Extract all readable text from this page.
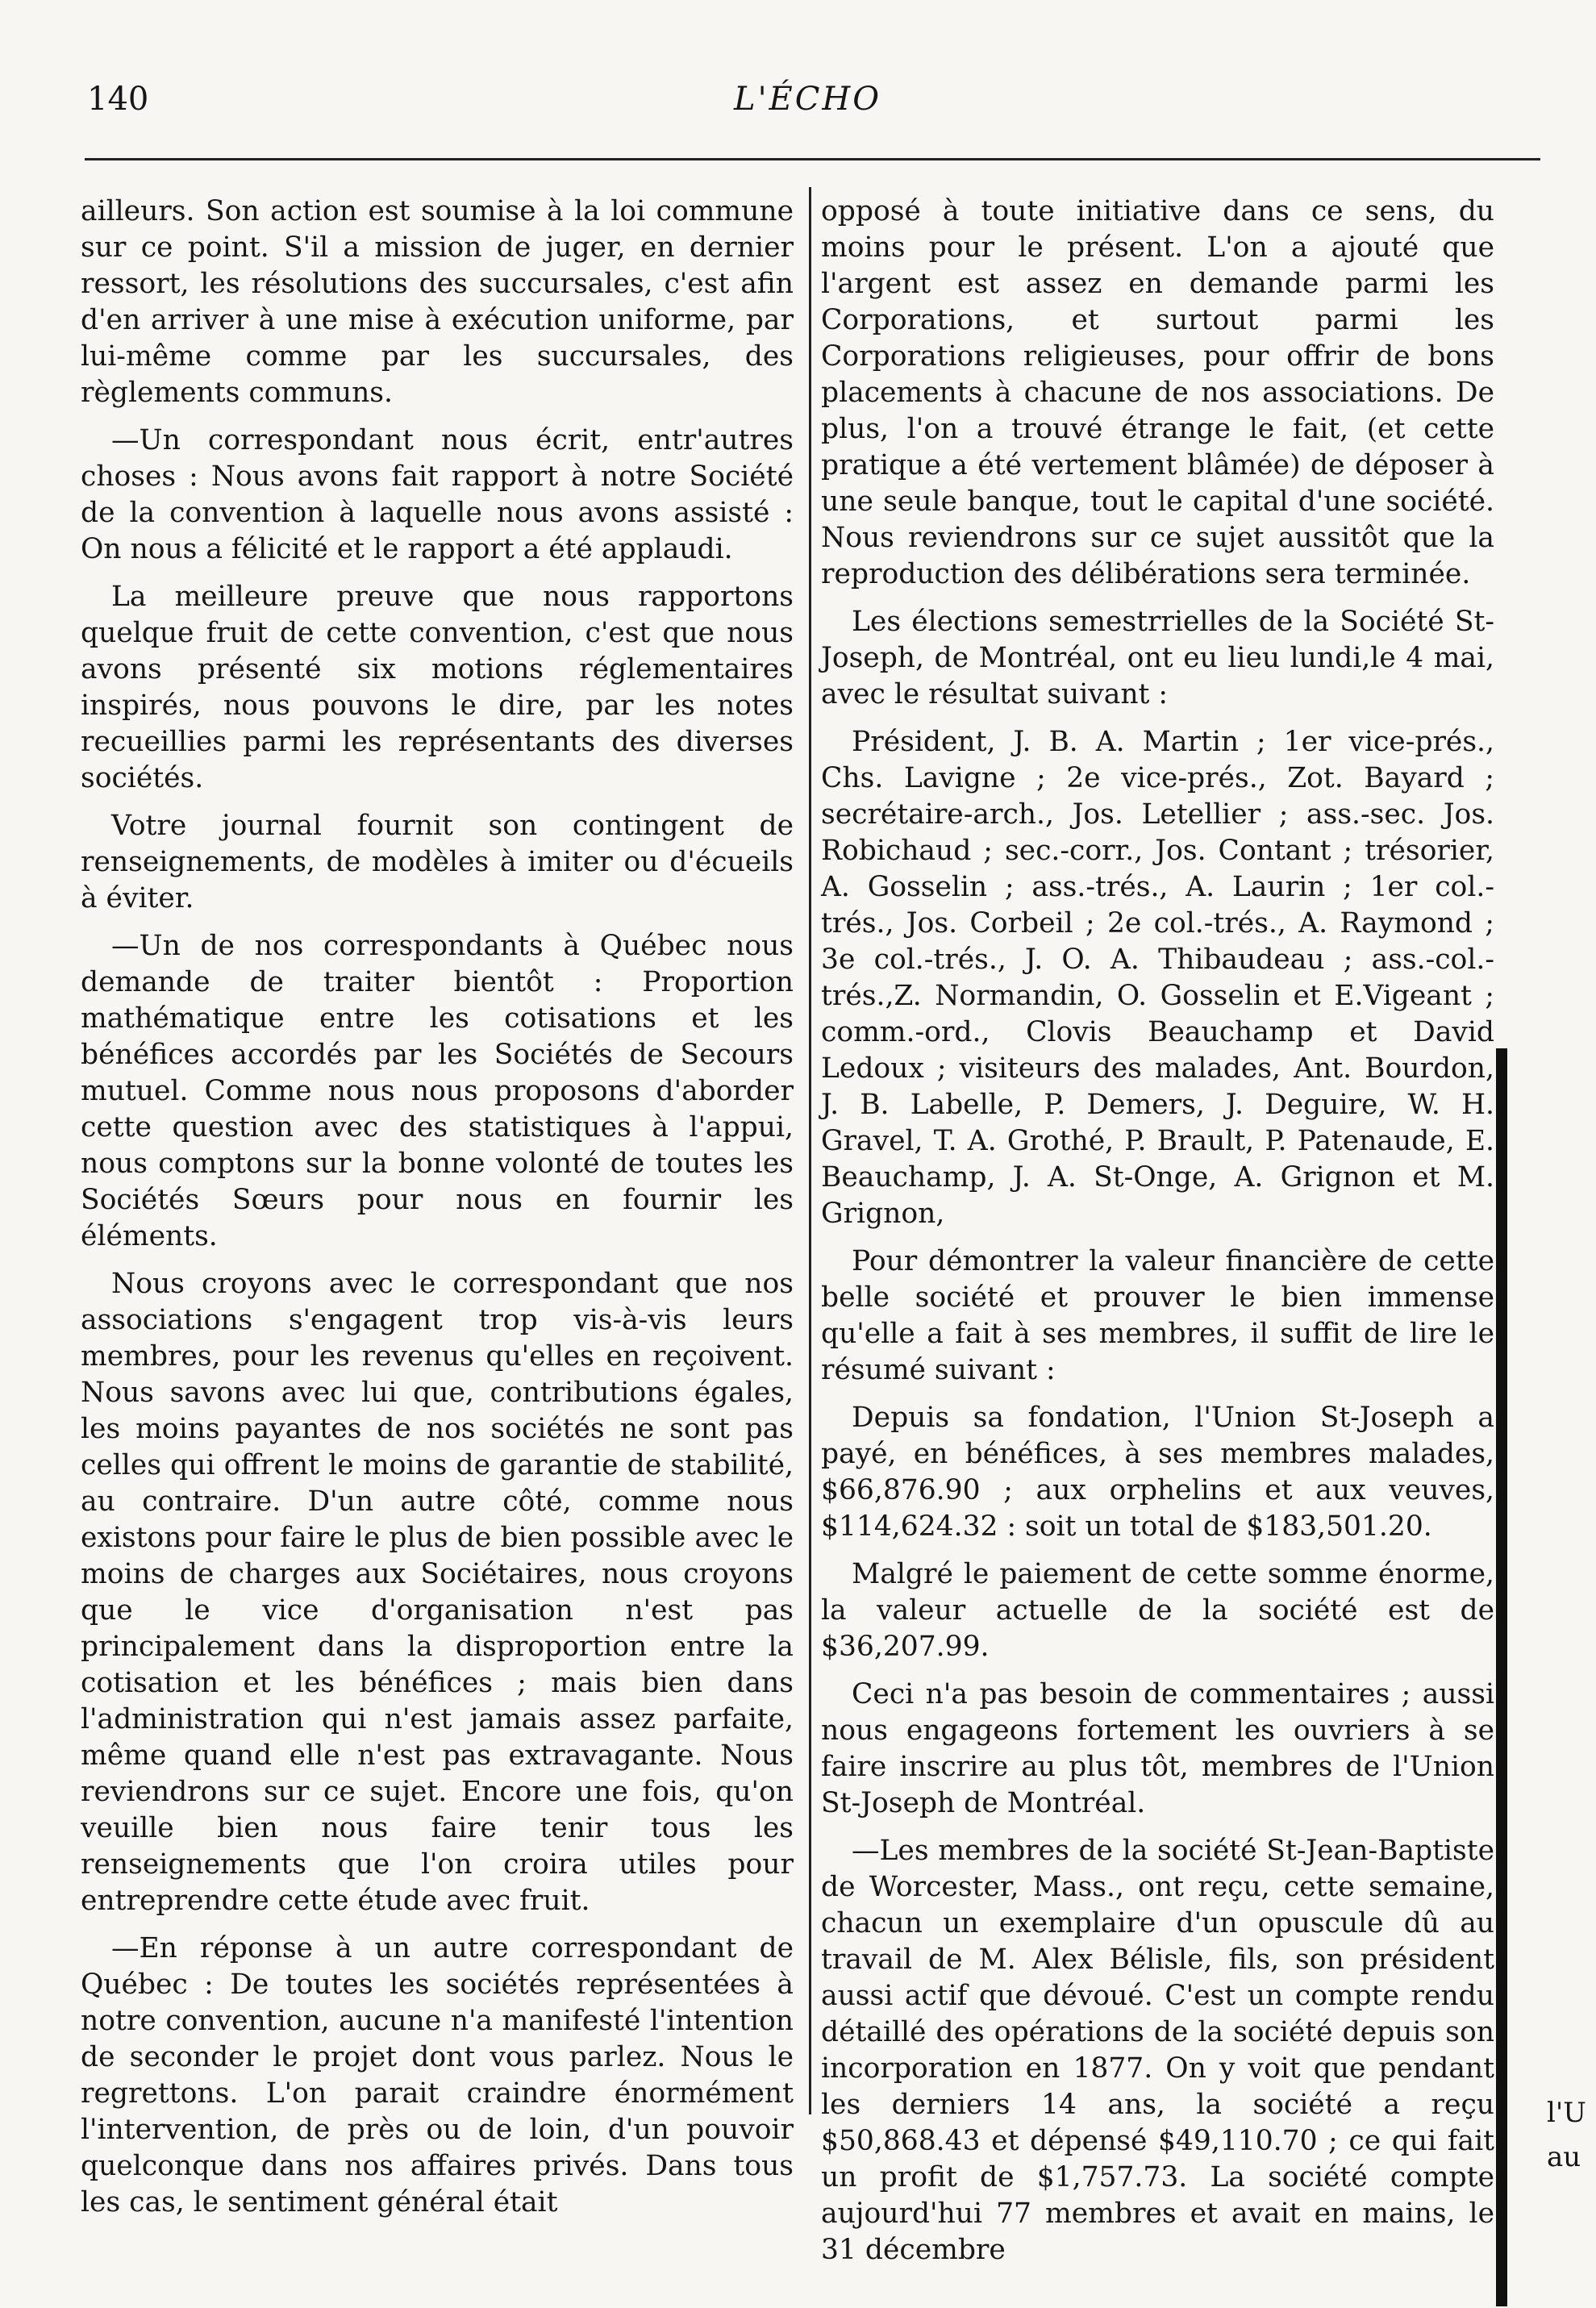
140	L'ÉCHO

ailleurs. Son action est soumise à la loi commune sur ce point. S'il a mission de juger, en dernier ressort, les résolutions des succursales, c'est afin d'en arriver à une mise à exécution uniforme, par lui-même comme par les succursales, des règlements communs.

—Un correspondant nous écrit, entr'autres choses : Nous avons fait rapport à notre Société de la convention à laquelle nous avons assisté : On nous a félicité et le rapport a été applaudi.

La meilleure preuve que nous rapportons quelque fruit de cette convention, c'est que nous avons présenté six motions réglementaires inspirés, nous pouvons le dire, par les notes recueillies parmi les représentants des diverses sociétés.

Votre journal fournit son contingent de renseignements, de modèles à imiter ou d'écueils à éviter.

—Un de nos correspondants à Québec nous demande de traiter bientôt : Proportion mathématique entre les cotisations et les bénéfices accordés par les Sociétés de Secours mutuel. Comme nous nous proposons d'aborder cette question avec des statistiques à l'appui, nous comptons sur la bonne volonté de toutes les Sociétés Sœurs pour nous en fournir les éléments.

Nous croyons avec le correspondant que nos associations s'engagent trop vis-à-vis leurs membres, pour les revenus qu'elles en reçoivent. Nous savons avec lui que, contributions égales, les moins payantes de nos sociétés ne sont pas celles qui offrent le moins de garantie de stabilité, au contraire. D'un autre côté, comme nous existons pour faire le plus de bien possible avec le moins de charges aux Sociétaires, nous croyons que le vice d'organisation n'est pas principalement dans la disproportion entre la cotisation et les bénéfices ; mais bien dans l'administration qui n'est jamais assez parfaite, même quand elle n'est pas extravagante. Nous reviendrons sur ce sujet. Encore une fois, qu'on veuille bien nous faire tenir tous les renseignements que l'on croira utiles pour entreprendre cette étude avec fruit.

—En réponse à un autre correspondant de Québec : De toutes les sociétés représentées à notre convention, aucune n'a manifesté l'intention de seconder le projet dont vous parlez. Nous le regrettons. L'on parait craindre énormément l'intervention, de près ou de loin, d'un pouvoir quelconque dans nos affaires privés. Dans tous les cas, le sentiment général était

opposé à toute initiative dans ce sens, du moins pour le présent. L'on a ajouté que l'argent est assez en demande parmi les Corporations, et surtout parmi les Corporations religieuses, pour offrir de bons placements à chacune de nos associations. De plus, l'on a trouvé étrange le fait, (et cette pratique a été vertement blâmée) de déposer à une seule banque, tout le capital d'une société. Nous reviendrons sur ce sujet aussitôt que la reproduction des délibérations sera terminée.

Les élections semestrrielles de la Société St-Joseph, de Montréal, ont eu lieu lundi,le 4 mai, avec le résultat suivant :

Président, J. B. A. Martin ; 1er vice-prés., Chs. Lavigne ; 2e vice-prés., Zot. Bayard ; secrétaire-arch., Jos. Letellier ; ass.-sec. Jos. Robichaud ; sec.-corr., Jos. Contant ; trésorier, A. Gosselin ; ass.-trés., A. Laurin ; 1er col.-trés., Jos. Corbeil ; 2e col.-trés., A. Raymond ; 3e col.-trés., J. O. A. Thibaudeau ; ass.-col.-trés.,Z. Normandin, O. Gosselin et E.Vigeant ; comm.-ord., Clovis Beauchamp et David Ledoux ; visiteurs des malades, Ant. Bourdon, J. B. Labelle, P. Demers, J. Deguire, W. H. Gravel, T. A. Grothé, P. Brault, P. Patenaude, E. Beauchamp, J. A. St-Onge, A. Grignon et M. Grignon,

Pour démontrer la valeur financière de cette belle société et prouver le bien immense qu'elle a fait à ses membres, il suffit de lire le résumé suivant :

Depuis sa fondation, l'Union St-Joseph a payé, en bénéfices, à ses membres malades, $66,876.90 ; aux orphelins et aux veuves, $114,624.32 : soit un total de $183,501.20.

Malgré le paiement de cette somme énorme, la valeur actuelle de la société est de $36,207.99.

Ceci n'a pas besoin de commentaires ; aussi nous engageons fortement les ouvriers à se faire inscrire au plus tôt, membres de l'Union St-Joseph de Montréal.

—Les membres de la société St-Jean-Baptiste de Worcester, Mass., ont reçu, cette semaine, chacun un exemplaire d'un opuscule dû au travail de M. Alex Bélisle, fils, son président aussi actif que dévoué. C'est un compte rendu détaillé des opérations de la société depuis son incorporation en 1877. On y voit que pendant les derniers 14 ans, la société a reçu $50,868.43 et dépensé $49,110.70 ; ce qui fait un profit de $1,757.73. La société compte aujourd'hui 77 membres et avait en mains, le 31 décembre

l'U
au
